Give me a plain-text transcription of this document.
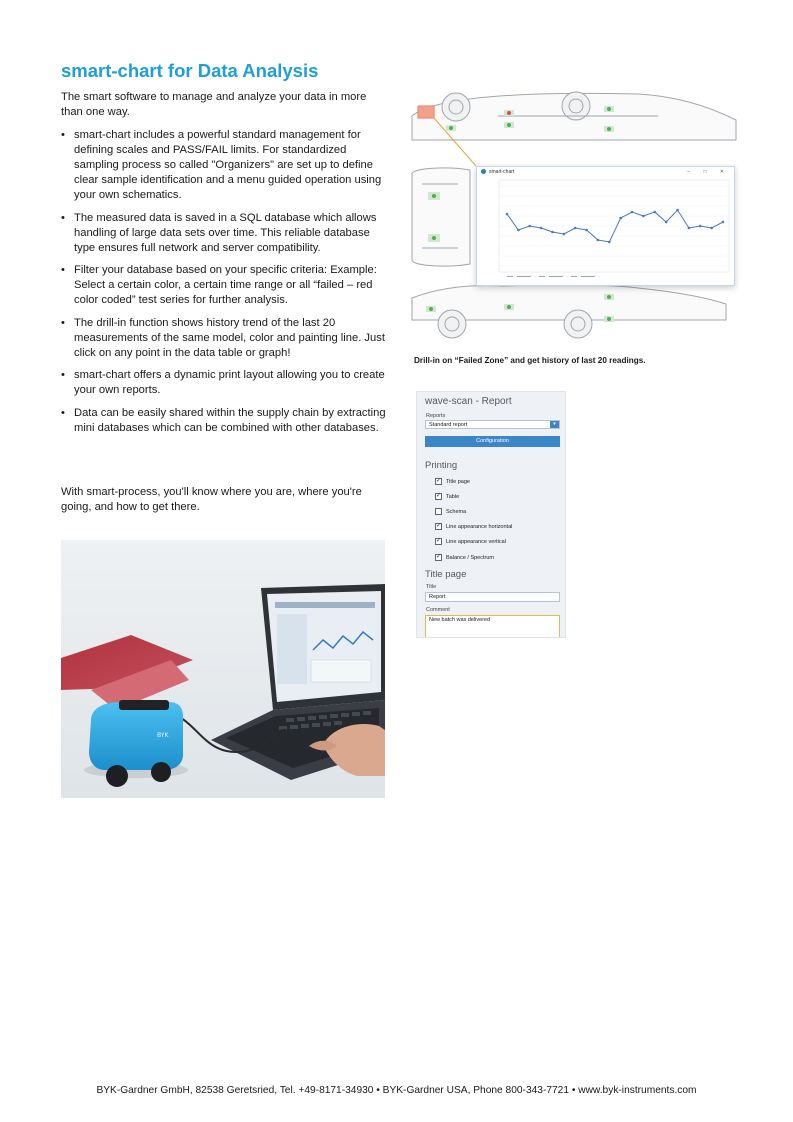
smart-chart for Data Analysis

The smart software to manage and analyze your data in more than one way.

• smart-chart includes a powerful standard management for defining scales and PASS/FAIL limits. For standardized sampling process so called "Organizers" are set up to define clear sample identification and a menu guided operation using your own schematics.
• The measured data is saved in a SQL database which allows handling of large data sets over time. This reliable database type ensures full network and server compatibility.
• Filter your database based on your specific criteria: Example: Select a certain color, a certain time range or all “failed – red color coded” test series for further analysis.
• The drill-in function shows history trend of the last 20 measurements of the same model, color and painting line. Just click on any point in the data table or graph!
• smart-chart offers a dynamic print layout allowing you to create your own reports.
• Data can be easily shared within the supply chain by extracting mini databases which can be combined with other databases.

With smart-process, you'll know where you are, where you're going, and how to get there.

BYK
smart-chart	− □ ✕

Drill-in on “Failed Zone” and get history of last 20 readings.

wave-scan - Report
Reports
Standard report	▾
Configuration
Printing
✓ Title page
✓ Table
Schema
✓ Line appearance horizontal
✓ Line appearance vertical
✓ Balance / Spectrum
Title page
Title
Report
Comment
New batch was delivered
BYK-Gardner GmbH, 82538 Geretsried, Tel. +49-8171-34930 • BYK-Gardner USA, Phone 800-343-7721 • www.byk-instruments.com
